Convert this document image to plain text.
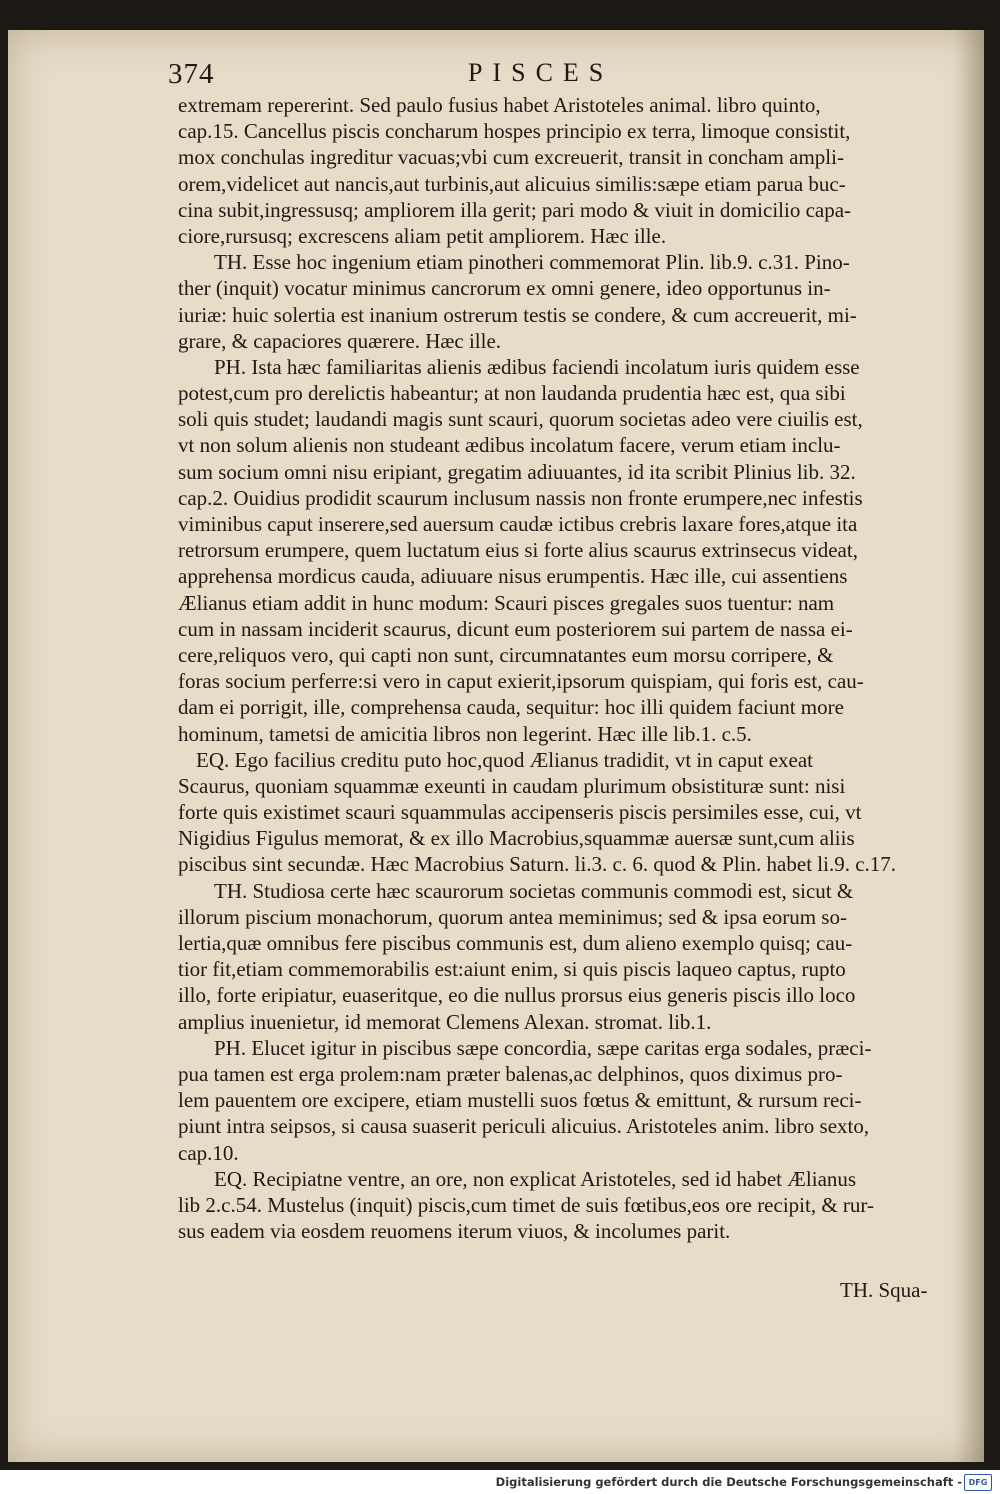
374	PISCES
extremam repererint. Sed paulo fusius habet Aristoteles animal. libro quinto,
cap.15. Cancellus piscis concharum hospes principio ex terra, limoque consistit,
mox conchulas ingreditur vacuas;vbi cum excreuerit, transit in concham ampli-
orem,videlicet aut nancis,aut turbinis,aut alicuius similis:sæpe etiam parua buc-
cina subit,ingressusq; ampliorem illa gerit; pari modo & viuit in domicilio capa-
ciore,rursusq; excrescens aliam petit ampliorem. Hæc ille.
TH. Esse hoc ingenium etiam pinotheri commemorat Plin. lib.9. c.31. Pino-
ther (inquit) vocatur minimus cancrorum ex omni genere, ideo opportunus in-
iuriæ: huic solertia est inanium ostrerum testis se condere, & cum accreuerit, mi-
grare, & capaciores quærere. Hæc ille.
PH. Ista hæc familiaritas alienis ædibus faciendi incolatum iuris quidem esse
potest,cum pro derelictis habeantur; at non laudanda prudentia hæc est, qua sibi
soli quis studet; laudandi magis sunt scauri, quorum societas adeo vere ciuilis est,
vt non solum alienis non studeant ædibus incolatum facere, verum etiam inclu-
sum socium omni nisu eripiant, gregatim adiuuantes, id ita scribit Plinius lib. 32.
cap.2. Ouidius prodidit scaurum inclusum nassis non fronte erumpere,nec infestis
viminibus caput inserere,sed auersum caudæ ictibus crebris laxare fores,atque ita
retrorsum erumpere, quem luctatum eius si forte alius scaurus extrinsecus videat,
apprehensa mordicus cauda, adiuuare nisus erumpentis. Hæc ille, cui assentiens
Ælianus etiam addit in hunc modum: Scauri pisces gregales suos tuentur: nam
cum in nassam inciderit scaurus, dicunt eum posteriorem sui partem de nassa ei-
cere,reliquos vero, qui capti non sunt, circumnatantes eum morsu corripere, &
foras socium perferre:si vero in caput exierit,ipsorum quispiam, qui foris est, cau-
dam ei porrigit, ille, comprehensa cauda, sequitur: hoc illi quidem faciunt more
hominum, tametsi de amicitia libros non legerint. Hæc ille lib.1. c.5.
EQ. Ego facilius creditu puto hoc,quod Ælianus tradidit, vt in caput exeat
Scaurus, quoniam squammæ exeunti in caudam plurimum obsistituræ sunt: nisi
forte quis existimet scauri squammulas accipenseris piscis persimiles esse, cui, vt
Nigidius Figulus memorat, & ex illo Macrobius,squammæ auersæ sunt,cum aliis
piscibus sint secundæ. Hæc Macrobius Saturn. li.3. c. 6. quod & Plin. habet li.9. c.17.
TH. Studiosa certe hæc scaurorum societas communis commodi est, sicut &
illorum piscium monachorum, quorum antea meminimus; sed & ipsa eorum so-
lertia,quæ omnibus fere piscibus communis est, dum alieno exemplo quisq; cau-
tior fit,etiam commemorabilis est:aiunt enim, si quis piscis laqueo captus, rupto
illo, forte eripiatur, euaseritque, eo die nullus prorsus eius generis piscis illo loco
amplius inuenietur, id memorat Clemens Alexan. stromat. lib.1.
PH. Elucet igitur in piscibus sæpe concordia, sæpe caritas erga sodales, præci-
pua tamen est erga prolem:nam præter balenas,ac delphinos, quos diximus pro-
lem pauentem ore excipere, etiam mustelli suos fœtus & emittunt, & rursum reci-
piunt intra seipsos, si causa suaserit periculi alicuius. Aristoteles anim. libro sexto,
cap.10.
EQ. Recipiatne ventre, an ore, non explicat Aristoteles, sed id habet Ælianus
lib 2.c.54. Mustelus (inquit) piscis,cum timet de suis fœtibus,eos ore recipit, & rur-
sus eadem via eosdem reuomens iterum viuos, & incolumes parit.
TH. Squa-
Digitalisierung gefördert durch die Deutsche Forschungsgemeinschaft - DFG
